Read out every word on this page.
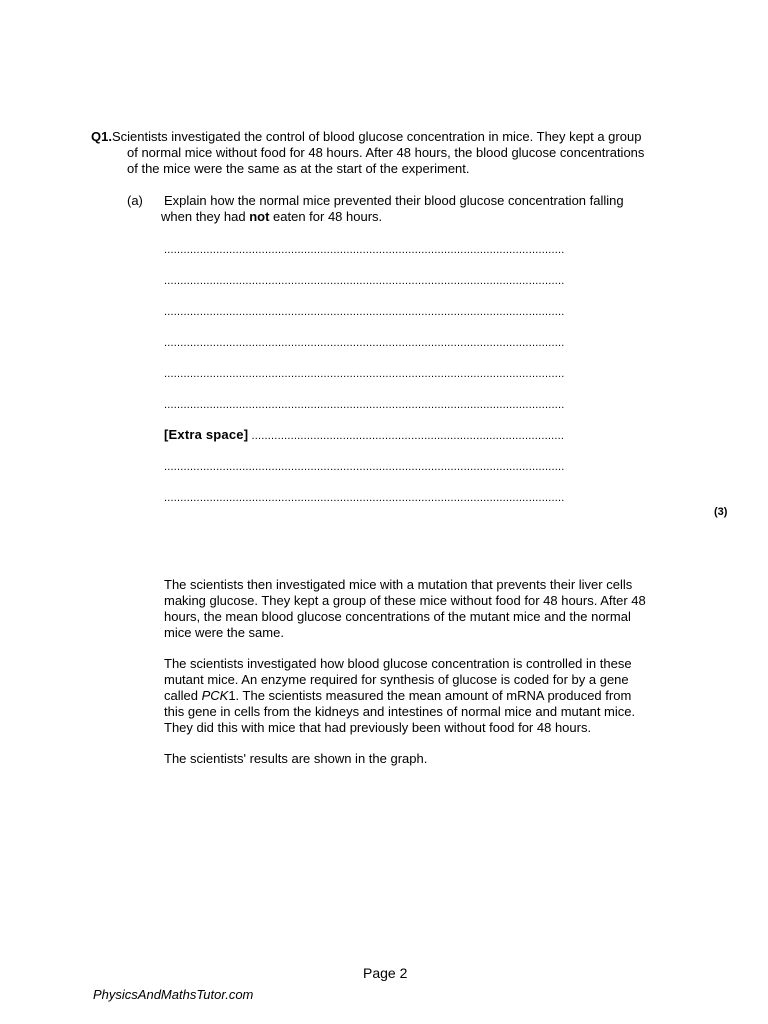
Q1.Scientists investigated the control of blood glucose concentration in mice. They kept a group
of normal mice without food for 48 hours. After 48 hours, the blood glucose concentrations
of the mice were the same as at the start of the experiment.
(a) Explain how the normal mice prevented their blood glucose concentration falling
when they had not eaten for 48 hours.
...........................................................................................................................
...........................................................................................................................
...........................................................................................................................
...........................................................................................................................
...........................................................................................................................
...........................................................................................................................
[Extra space] ................................................................................................
...........................................................................................................................
...........................................................................................................................
(3)
The scientists then investigated mice with a mutation that prevents their liver cells
making glucose. They kept a group of these mice without food for 48 hours. After 48
hours, the mean blood glucose concentrations of the mutant mice and the normal
mice were the same.
The scientists investigated how blood glucose concentration is controlled in these
mutant mice. An enzyme required for synthesis of glucose is coded for by a gene
called PCK1. The scientists measured the mean amount of mRNA produced from
this gene in cells from the kidneys and intestines of normal mice and mutant mice.
They did this with mice that had previously been without food for 48 hours.
The scientists' results are shown in the graph.
Page 2
PhysicsAndMathsTutor.com
